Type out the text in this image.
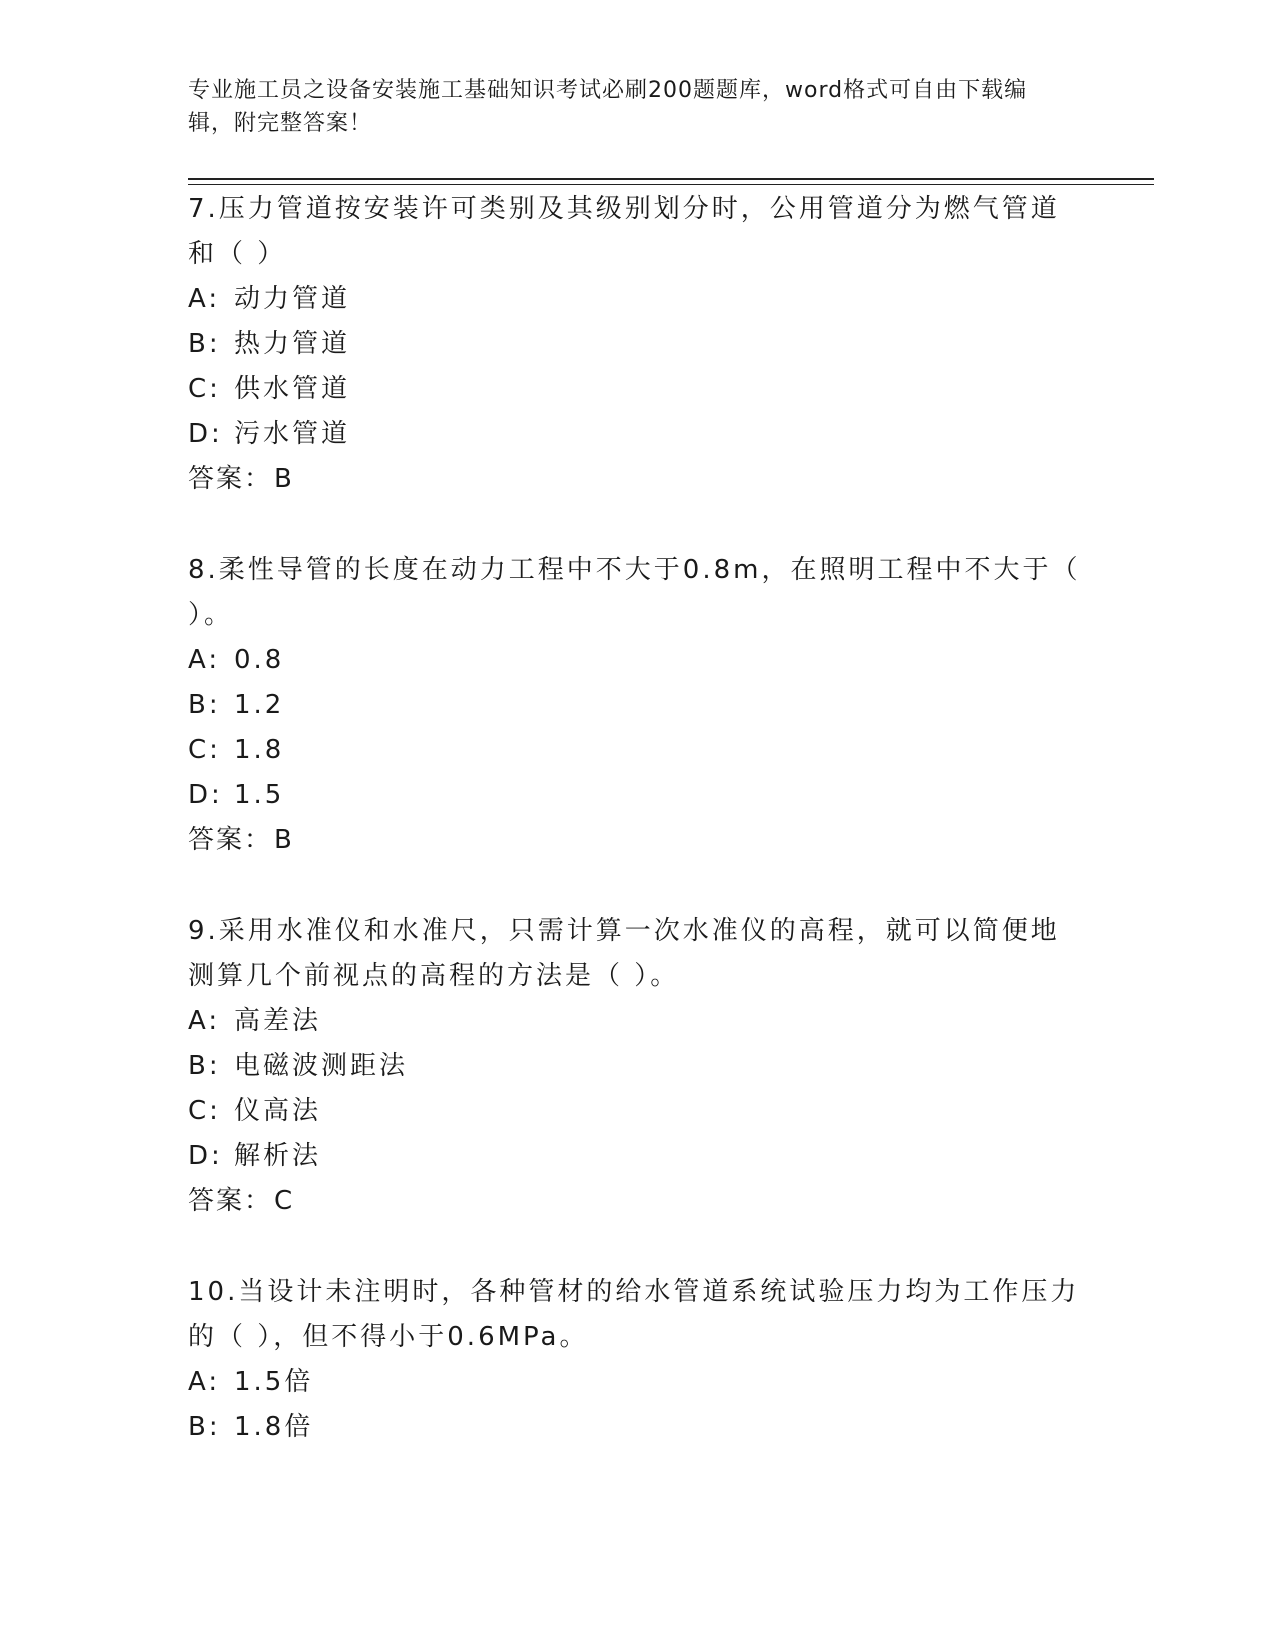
专业施工员之设备安装施工基础知识考试必刷200题题库，word格式可自由下载编辑，附完整答案！
7.压力管道按安装许可类别及其级别划分时，公用管道分为燃气管道和（ ）
A: 动力管道
B: 热力管道
C: 供水管道
D: 污水管道
答案：B
8.柔性导管的长度在动力工程中不大于0.8m，在照明工程中不大于（ ）。
A: 0.8
B: 1.2
C: 1.8
D: 1.5
答案：B
9.采用水准仪和水准尺，只需计算一次水准仪的高程，就可以简便地测算几个前视点的高程的方法是（ ）。
A: 高差法
B: 电磁波测距法
C: 仪高法
D: 解析法
答案：C
10.当设计未注明时，各种管材的给水管道系统试验压力均为工作压力的（ ），但不得小于0.6MPa。
A: 1.5倍
B: 1.8倍
